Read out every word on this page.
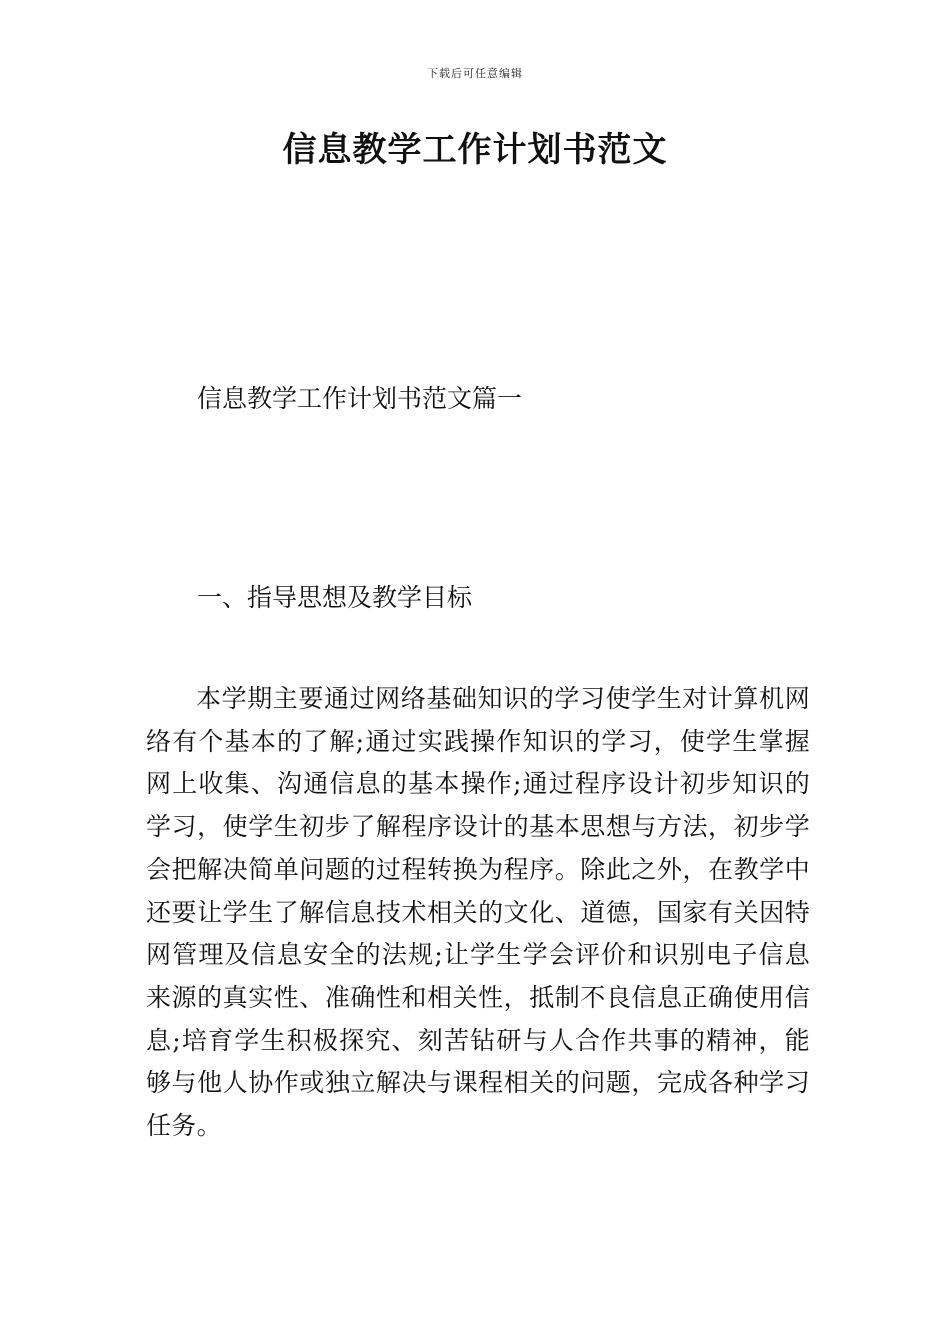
下载后可任意编辑
信息教学工作计划书范文
信息教学工作计划书范文篇一
一、指导思想及教学目标

本学期主要通过网络基础知识的学习使学生对计算机网络有个基本的了解;通过实践操作知识的学习，使学生掌握网上收集、沟通信息的基本操作;通过程序设计初步知识的学习，使学生初步了解程序设计的基本思想与方法，初步学会把解决简单问题的过程转换为程序。除此之外，在教学中还要让学生了解信息技术相关的文化、道德，国家有关因特网管理及信息安全的法规;让学生学会评价和识别电子信息来源的真实性、准确性和相关性，抵制不良信息正确使用信息;培育学生积极探究、刻苦钻研与人合作共事的精神，能够与他人协作或独立解决与课程相关的问题，完成各种学习任务。
